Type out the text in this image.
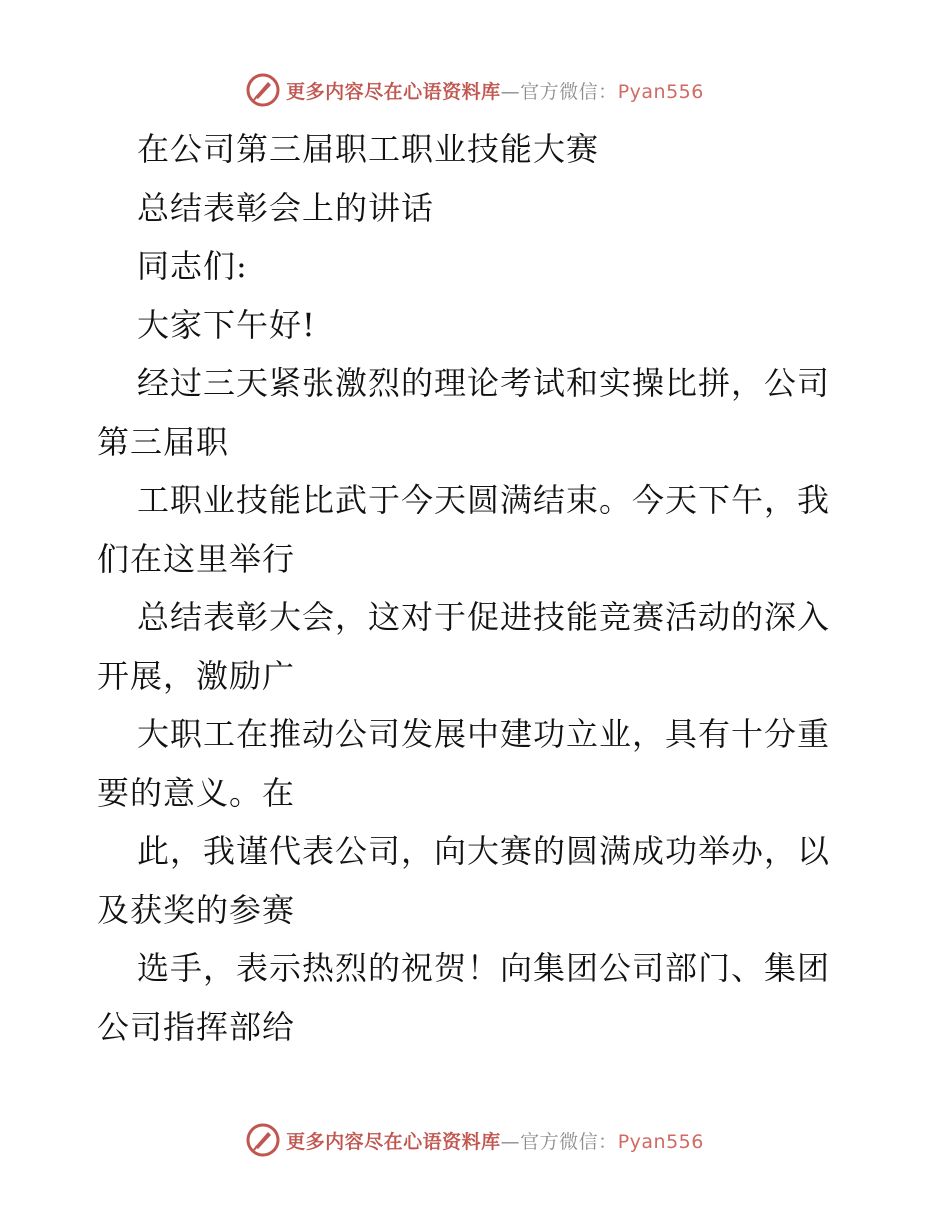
更多内容尽在心语资料库—官方微信：Pyan556
在公司第三届职工职业技能大赛
总结表彰会上的讲话
同志们:
大家下午好!
经过三天紧张激烈的理论考试和实操比拼，公司
第三届职
工职业技能比武于今天圆满结束。今天下午，我
们在这里举行
总结表彰大会，这对于促进技能竞赛活动的深入
开展，激励广
大职工在推动公司发展中建功立业，具有十分重
要的意义。在
此，我谨代表公司，向大赛的圆满成功举办，以
及获奖的参赛
选手，表示热烈的祝贺！向集团公司部门、集团
公司指挥部给
更多内容尽在心语资料库—官方微信：Pyan556
